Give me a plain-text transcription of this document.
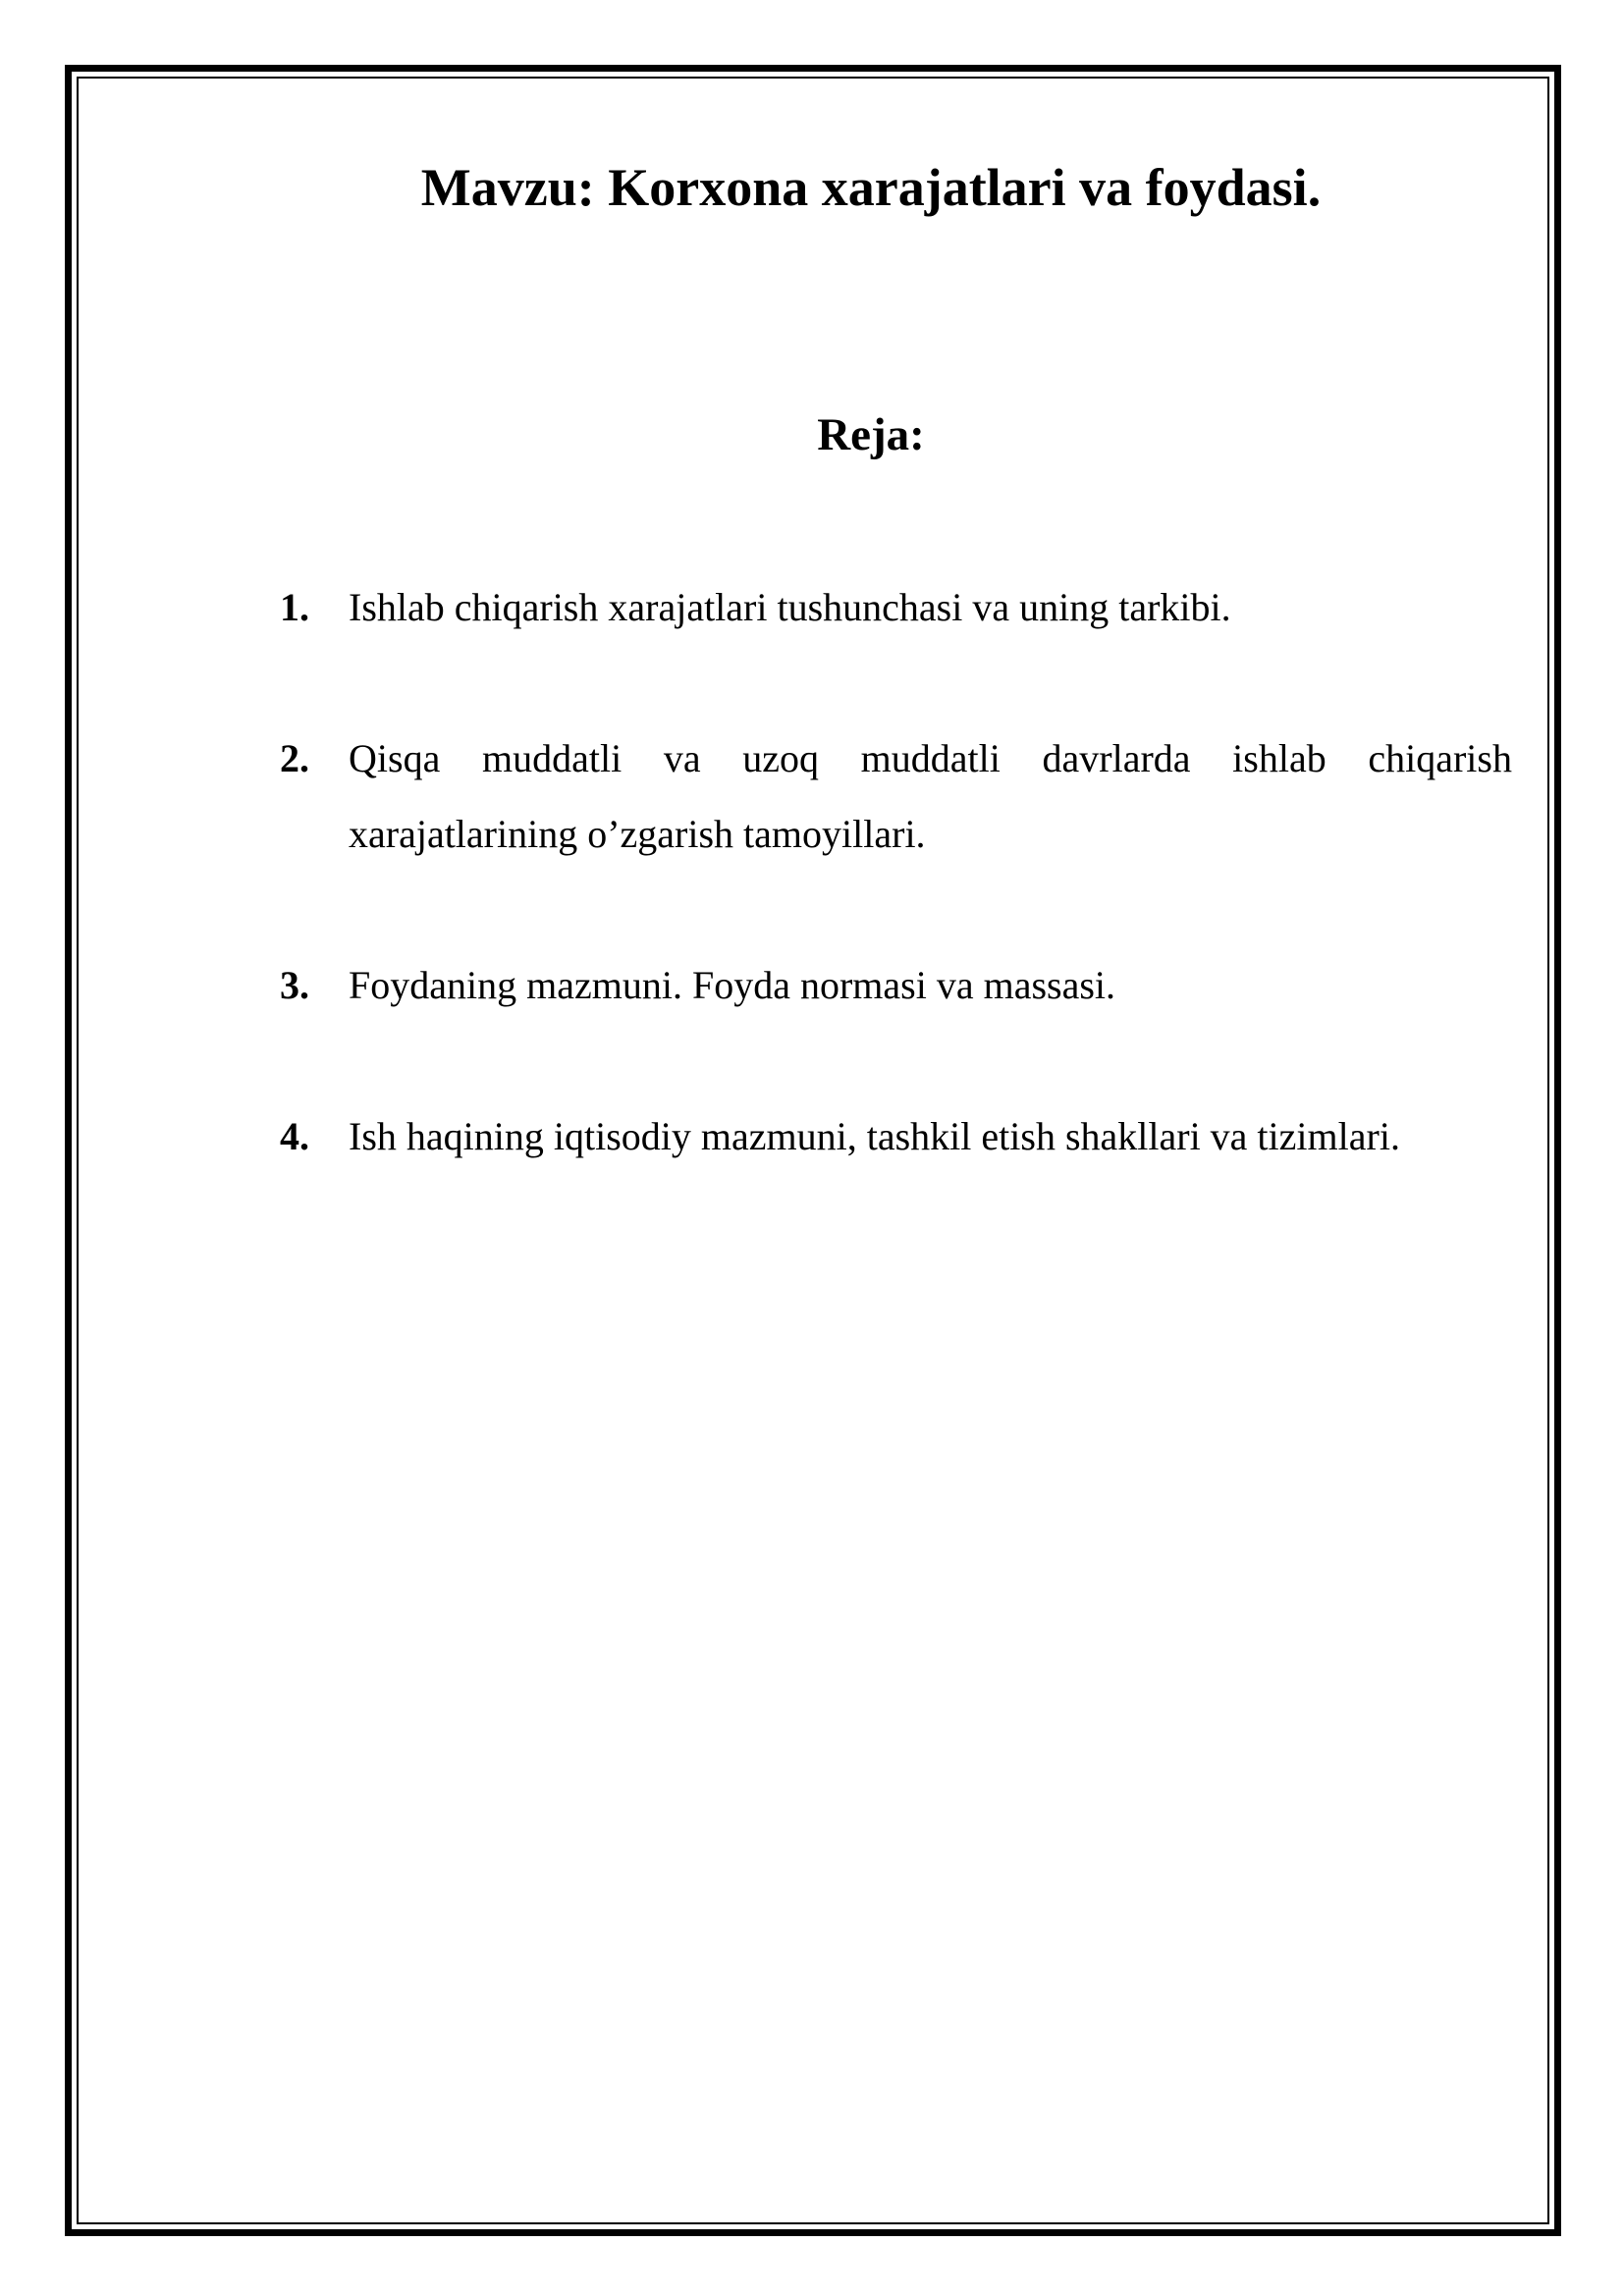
Mavzu: Korxona xarajatlari va foydasi.
Reja:
1.	Ishlab chiqarish xarajatlari tushunchasi va uning tarkibi.
2.	Qisqa muddatli va uzoq muddatli davrlarda ishlab chiqarish xarajatlarining o’zgarish tamoyillari.
3.	Foydaning mazmuni. Foyda normasi va massasi.
4.	Ish haqining iqtisodiy mazmuni, tashkil etish shakllari va tizimlari.
